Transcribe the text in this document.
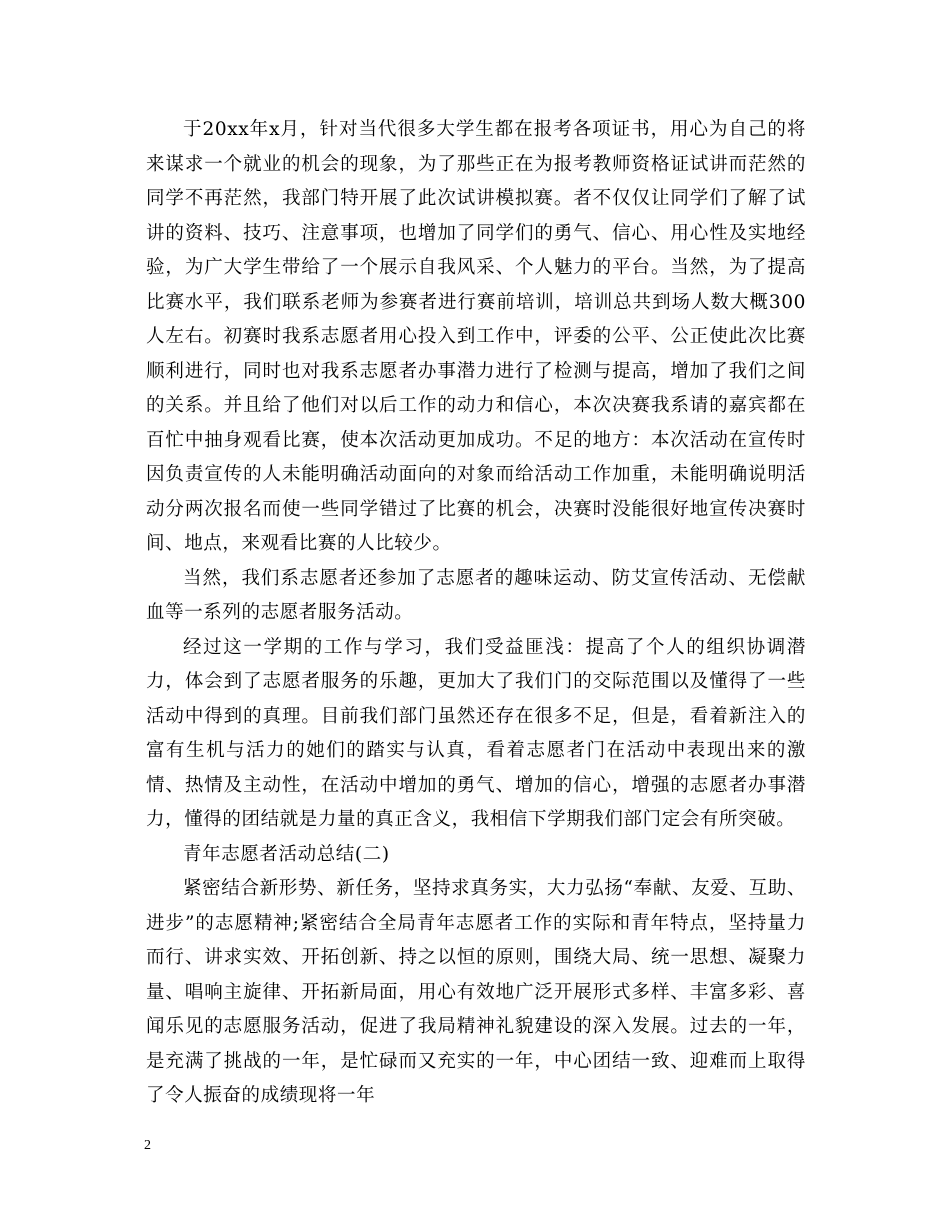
于20xx年x月，针对当代很多大学生都在报考各项证书，用心为自己的将来谋求一个就业的机会的现象，为了那些正在为报考教师资格证试讲而茫然的同学不再茫然，我部门特开展了此次试讲模拟赛。者不仅仅让同学们了解了试讲的资料、技巧、注意事项，也增加了同学们的勇气、信心、用心性及实地经验，为广大学生带给了一个展示自我风采、个人魅力的平台。当然，为了提高比赛水平，我们联系老师为参赛者进行赛前培训，培训总共到场人数大概300人左右。初赛时我系志愿者用心投入到工作中，评委的公平、公正使此次比赛顺利进行，同时也对我系志愿者办事潜力进行了检测与提高，增加了我们之间的关系。并且给了他们对以后工作的动力和信心，本次决赛我系请的嘉宾都在百忙中抽身观看比赛，使本次活动更加成功。不足的地方：本次活动在宣传时因负责宣传的人未能明确活动面向的对象而给活动工作加重，未能明确说明活动分两次报名而使一些同学错过了比赛的机会，决赛时没能很好地宣传决赛时间、地点，来观看比赛的人比较少。

当然，我们系志愿者还参加了志愿者的趣味运动、防艾宣传活动、无偿献血等一系列的志愿者服务活动。

经过这一学期的工作与学习，我们受益匪浅：提高了个人的组织协调潜力，体会到了志愿者服务的乐趣，更加大了我们门的交际范围以及懂得了一些活动中得到的真理。目前我们部门虽然还存在很多不足，但是，看着新注入的富有生机与活力的她们的踏实与认真，看着志愿者门在活动中表现出来的激情、热情及主动性，在活动中增加的勇气、增加的信心，增强的志愿者办事潜力，懂得的团结就是力量的真正含义，我相信下学期我们部门定会有所突破。

青年志愿者活动总结(二)

紧密结合新形势、新任务，坚持求真务实，大力弘扬“奉献、友爱、互助、进步”的志愿精神;紧密结合全局青年志愿者工作的实际和青年特点，坚持量力而行、讲求实效、开拓创新、持之以恒的原则，围绕大局、统一思想、凝聚力量、唱响主旋律、开拓新局面，用心有效地广泛开展形式多样、丰富多彩、喜闻乐见的志愿服务活动，促进了我局精神礼貌建设的深入发展。过去的一年，是充满了挑战的一年，是忙碌而又充实的一年，中心团结一致、迎难而上取得了令人振奋的成绩现将一年

2
